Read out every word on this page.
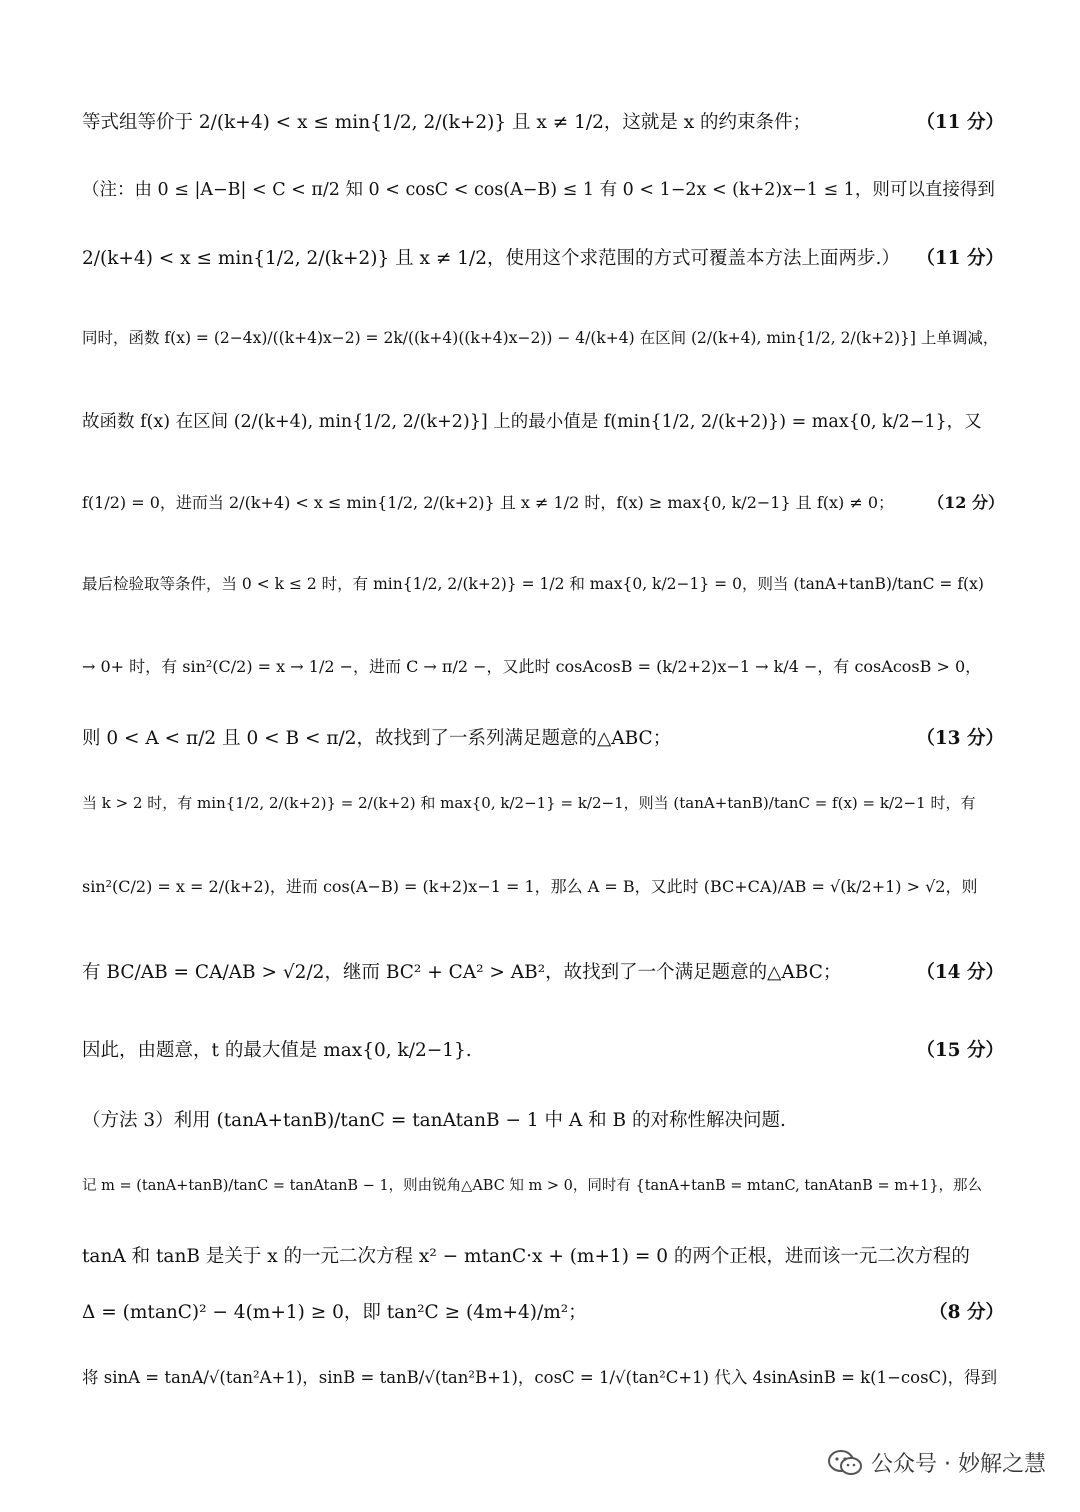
等式组等价于 2/(k+4) < x ≤ min{1/2, 2/(k+2)} 且 x ≠ 1/2，这就是 x 的约束条件；	（11 分）
（注：由 0 ≤ |A−B| < C < π/2 知 0 < cosC < cos(A−B) ≤ 1 有 0 < 1−2x < (k+2)x−1 ≤ 1，则可以直接得到
2/(k+4) < x ≤ min{1/2, 2/(k+2)} 且 x ≠ 1/2，使用这个求范围的方式可覆盖本方法上面两步.） （11 分）
同时，函数 f(x) = (2−4x)/((k+4)x−2) = 2k/((k+4)((k+4)x−2)) − 4/(k+4) 在区间 (2/(k+4), min{1/2, 2/(k+2)}] 上单调减，
故函数 f(x) 在区间 (2/(k+4), min{1/2, 2/(k+2)}] 上的最小值是 f(min{1/2, 2/(k+2)}) = max{0, k/2−1}，又
f(1/2) = 0，进而当 2/(k+4) < x ≤ min{1/2, 2/(k+2)} 且 x ≠ 1/2 时，f(x) ≥ max{0, k/2−1} 且 f(x) ≠ 0；	（12 分）
最后检验取等条件，当 0 < k ≤ 2 时，有 min{1/2, 2/(k+2)} = 1/2 和 max{0, k/2−1} = 0，则当 (tanA+tanB)/tanC = f(x)
→ 0+ 时，有 sin²(C/2) = x → 1/2 −，进而 C → π/2 −，又此时 cosAcosB = (k/2+2)x−1 → k/4 −，有 cosAcosB > 0，
则 0 < A < π/2 且 0 < B < π/2，故找到了一系列满足题意的△ABC；	（13 分）
当 k > 2 时，有 min{1/2, 2/(k+2)} = 2/(k+2) 和 max{0, k/2−1} = k/2−1，则当 (tanA+tanB)/tanC = f(x) = k/2−1 时，有
sin²(C/2) = x = 2/(k+2)，进而 cos(A−B) = (k+2)x−1 = 1，那么 A = B，又此时 (BC+CA)/AB = √(k/2+1) > √2，则
有 BC/AB = CA/AB > √2/2，继而 BC² + CA² > AB²，故找到了一个满足题意的△ABC；	（14 分）
因此，由题意，t 的最大值是 max{0, k/2−1}.	（15 分）
（方法 3）利用 (tanA+tanB)/tanC = tanAtanB − 1 中 A 和 B 的对称性解决问题.
记 m = (tanA+tanB)/tanC = tanAtanB − 1，则由锐角△ABC 知 m > 0，同时有 {tanA+tanB = mtanC, tanAtanB = m+1}，那么
tanA 和 tanB 是关于 x 的一元二次方程 x² − mtanC·x + (m+1) = 0 的两个正根，进而该一元二次方程的
Δ = (mtanC)² − 4(m+1) ≥ 0，即 tan²C ≥ (4m+4)/m²；	（8 分）
将 sinA = tanA/√(tan²A+1)，sinB = tanB/√(tan²B+1)，cosC = 1/√(tan²C+1) 代入 4sinAsinB = k(1−cosC)，得到
公众号 · 妙解之慧
